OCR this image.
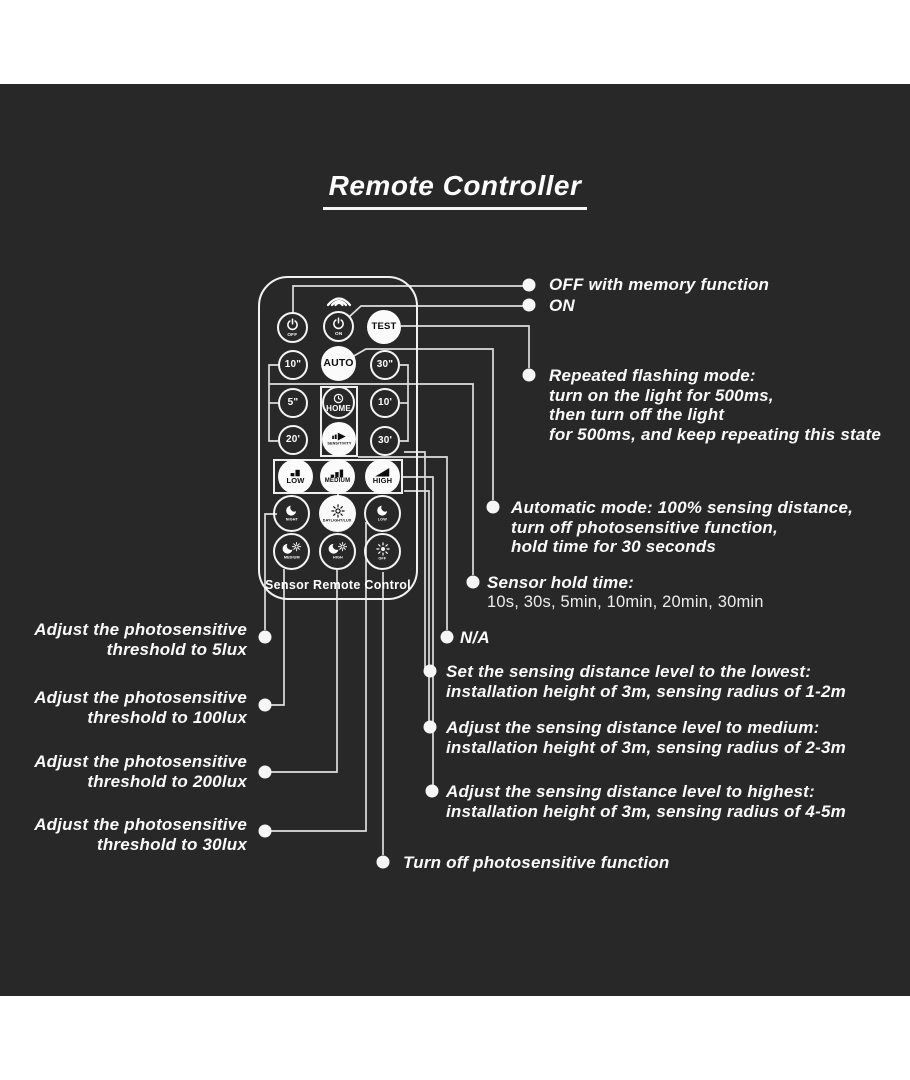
Remote Controller
OFF	ON
TEST
10" AUTO 30"
5"	HOME	10'
20'	SENSITIVITY	30'
LOW	MEDIUM	HIGH
NIGHT	DAYLIGHT/LUX	LOW
MEDIUM	HIGH	OFF
Sensor Remote Control
OFF with memory function
ON
Repeated flashing mode:
turn on the light for 500ms,
then turn off the light
for 500ms, and keep repeating this state
Automatic mode: 100% sensing distance,
turn off photosensitive function,
hold time for 30 seconds
Sensor hold time:
10s, 30s, 5min, 10min, 20min, 30min
N/A
Set the sensing distance level to the lowest:
installation height of 3m, sensing radius of 1-2m
Adjust the sensing distance level to medium:
installation height of 3m, sensing radius of 2-3m
Adjust the sensing distance level to highest:
installation height of 3m, sensing radius of 4-5m
Turn off photosensitive function
Adjust the photosensitive
threshold to 5lux
Adjust the photosensitive
threshold to 100lux
Adjust the photosensitive
threshold to 200lux
Adjust the photosensitive
threshold to 30lux
